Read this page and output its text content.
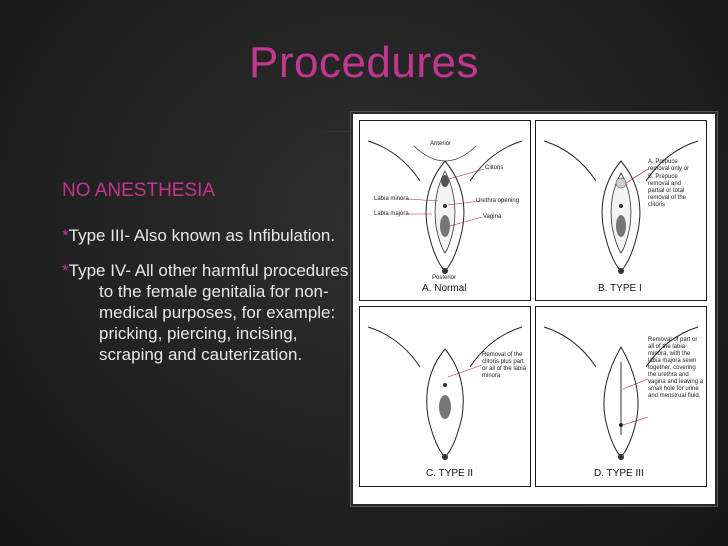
Procedures
NO ANESTHESIA
*Type III- Also known as Infibulation.
*Type IV- All other harmful procedures to the female genitalia for non-medical purposes, for example: pricking, piercing, incising, scraping and cauterization.
Anterior
Clitoris
Labia minora	Urethra opening
Labia majora	Vagina
Posterior
A. Normal
A. Prepuce removal only or
B. Prepuce removal and partial or total removal of the clitoris
B. TYPE I
Removal of the clitoris plus part or all of the labia minora
C. TYPE II
Removal of part or all of the labia minora, with the labia majora sewn together, covering the urethra and vagina and leaving a small hole for urine and menstrual fluid.
D. TYPE III
